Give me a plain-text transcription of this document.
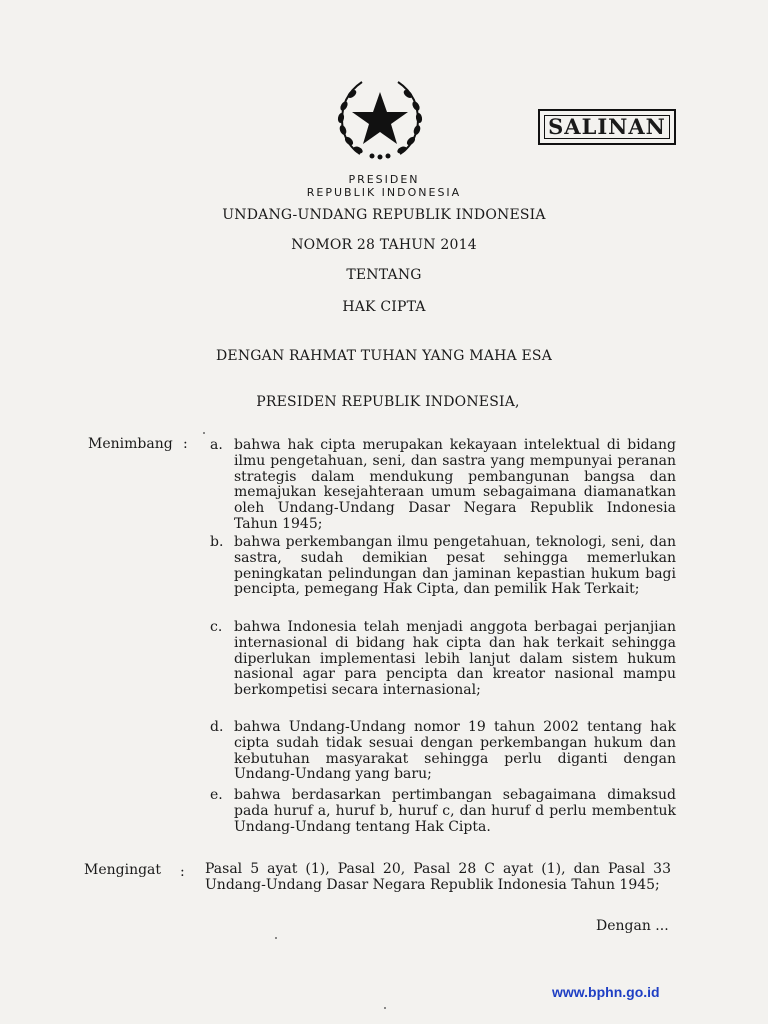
SALINAN
PRESIDEN
REPUBLIK INDONESIA
UNDANG-UNDANG REPUBLIK INDONESIA
NOMOR 28 TAHUN 2014
TENTANG
HAK CIPTA
DENGAN RAHMAT TUHAN YANG MAHA ESA
PRESIDEN REPUBLIK INDONESIA,
Menimbang : a. bahwa hak cipta merupakan kekayaan intelektual di bidang ilmu pengetahuan, seni, dan sastra yang mempunyai peranan strategis dalam mendukung pembangunan bangsa dan memajukan kesejahteraan umum sebagaimana diamanatkan oleh Undang-Undang Dasar Negara Republik Indonesia Tahun 1945;
b. bahwa perkembangan ilmu pengetahuan, teknologi, seni, dan sastra, sudah demikian pesat sehingga memerlukan peningkatan pelindungan dan jaminan kepastian hukum bagi pencipta, pemegang Hak Cipta, dan pemilik Hak Terkait;
c. bahwa Indonesia telah menjadi anggota berbagai perjanjian internasional di bidang hak cipta dan hak terkait sehingga diperlukan implementasi lebih lanjut dalam sistem hukum nasional agar para pencipta dan kreator nasional mampu berkompetisi secara internasional;
d. bahwa Undang-Undang nomor 19 tahun 2002 tentang hak cipta sudah tidak sesuai dengan perkembangan hukum dan kebutuhan masyarakat sehingga perlu diganti dengan Undang-Undang yang baru;
e. bahwa berdasarkan pertimbangan sebagaimana dimaksud pada huruf a, huruf b, huruf c, dan huruf d perlu membentuk Undang-Undang tentang Hak Cipta.
Mengingat : Pasal 5 ayat (1), Pasal 20, Pasal 28 C ayat (1), dan Pasal 33 Undang-Undang Dasar Negara Republik Indonesia Tahun 1945;
Dengan ...
www.bphn.go.id
